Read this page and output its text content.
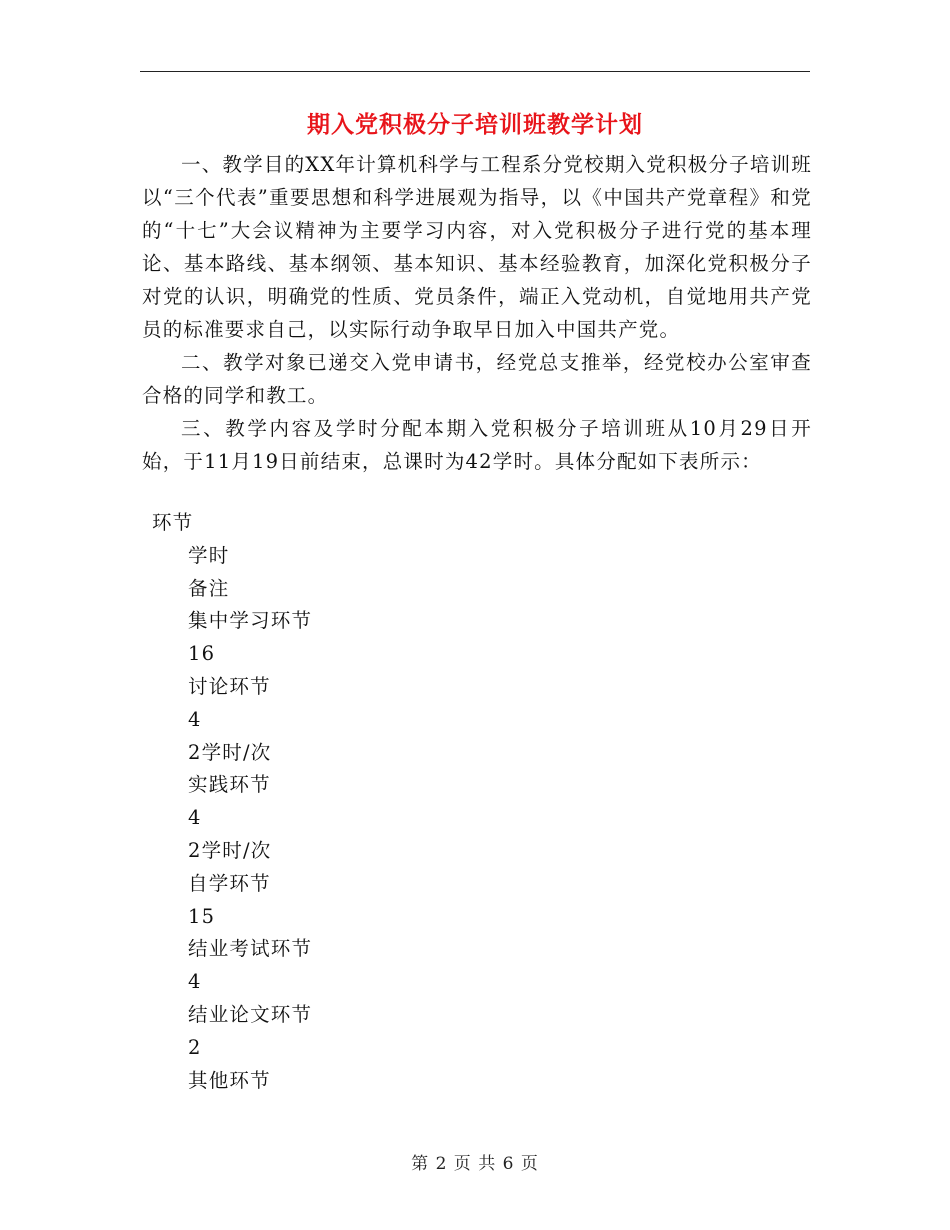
期入党积极分子培训班教学计划

一、教学目的XX年计算机科学与工程系分党校期入党积极分子培训班以“三个代表”重要思想和科学进展观为指导，以《中国共产党章程》和党的“十七”大会议精神为主要学习内容，对入党积极分子进行党的基本理论、基本路线、基本纲领、基本知识、基本经验教育，加深化党积极分子对党的认识，明确党的性质、党员条件，端正入党动机，自觉地用共产党员的标准要求自己，以实际行动争取早日加入中国共产党。

二、教学对象已递交入党申请书，经党总支推举，经党校办公室审查合格的同学和教工。

三、教学内容及学时分配本期入党积极分子培训班从10月29日开始，于11月19日前结束，总课时为42学时。具体分配如下表所示：

环节
学时
备注
集中学习环节
16
讨论环节
4
2学时/次
实践环节
4
2学时/次
自学环节
15
结业考试环节
4
结业论文环节
2
其他环节
第 2 页 共 6 页
